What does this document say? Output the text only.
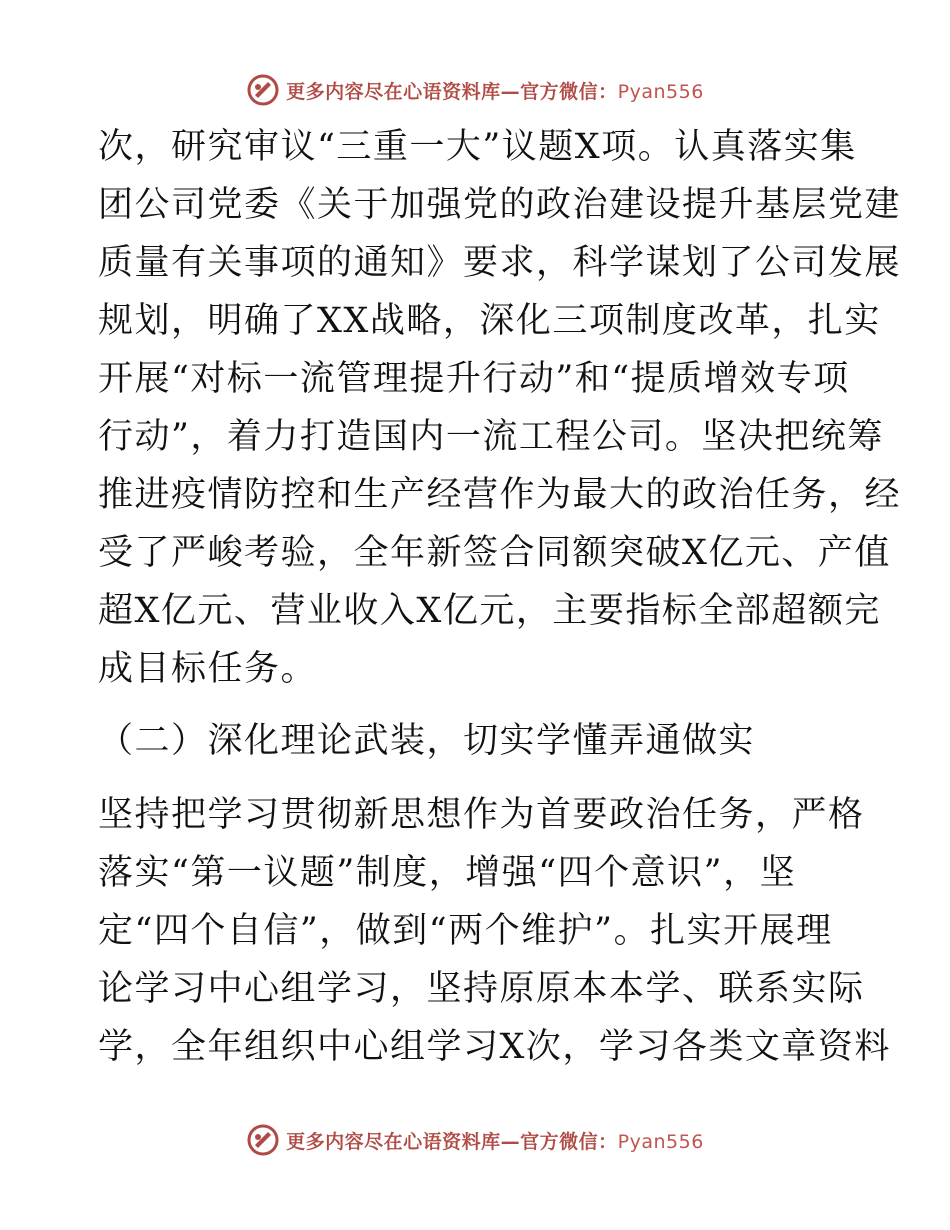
更多内容尽在心语资料库—官方微信：Pyan556
次，研究审议“三重一大”议题X项。认真落实集
团公司党委《关于加强党的政治建设提升基层党建
质量有关事项的通知》要求，科学谋划了公司发展
规划，明确了XX战略，深化三项制度改革，扎实
开展“对标一流管理提升行动”和“提质增效专项
行动”，着力打造国内一流工程公司。坚决把统筹
推进疫情防控和生产经营作为最大的政治任务，经
受了严峻考验，全年新签合同额突破X亿元、产值
超X亿元、营业收入X亿元，主要指标全部超额完
成目标任务。
（二）深化理论武装，切实学懂弄通做实
坚持把学习贯彻新思想作为首要政治任务，严格
落实“第一议题”制度，增强“四个意识”，坚
定“四个自信”，做到“两个维护”。扎实开展理
论学习中心组学习，坚持原原本本学、联系实际
学，全年组织中心组学习X次，学习各类文章资料
更多内容尽在心语资料库—官方微信：Pyan556
